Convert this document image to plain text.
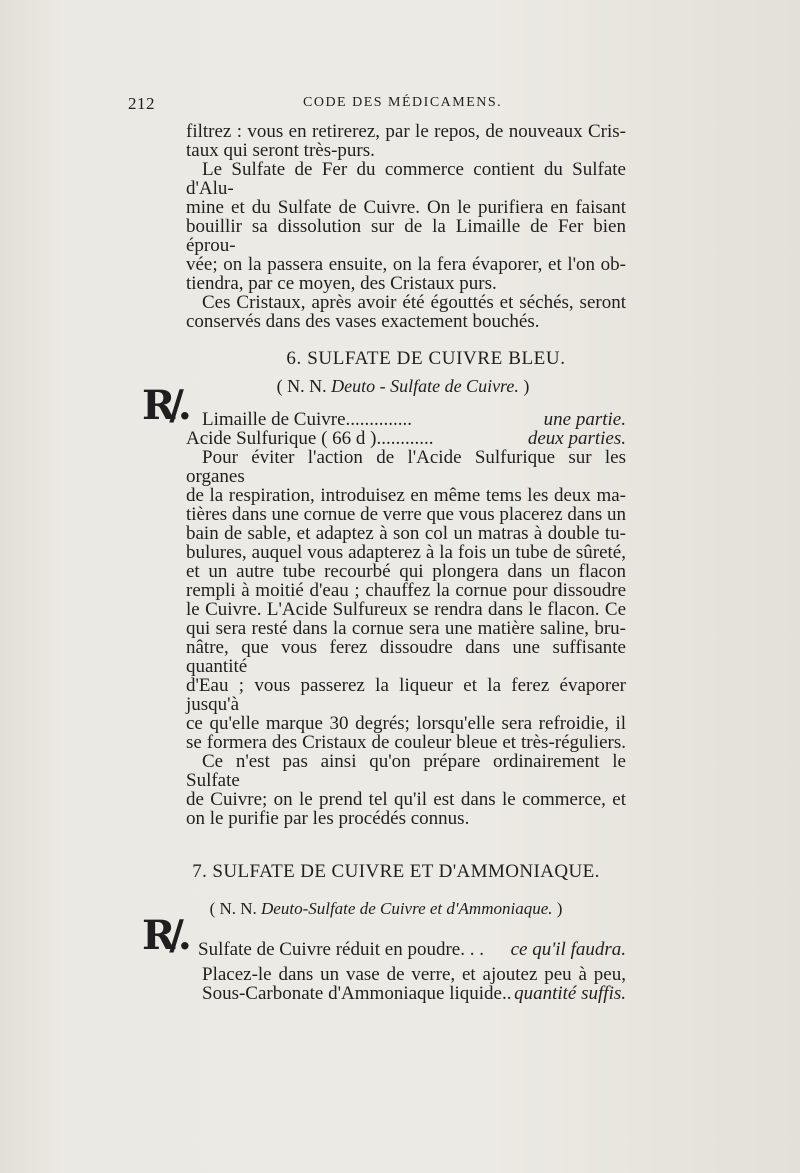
212	CODE DES MÉDICAMENS.
filtrez : vous en retirerez, par le repos, de nouveaux Cris-
taux qui seront très-purs.
Le Sulfate de Fer du commerce contient du Sulfate d'Alu-
mine et du Sulfate de Cuivre. On le purifiera en faisant
bouillir sa dissolution sur de la Limaille de Fer bien éprou-
vée; on la passera ensuite, on la fera évaporer, et l'on ob-
tiendra, par ce moyen, des Cristaux purs.
Ces Cristaux, après avoir été égouttés et séchés, seront
conservés dans des vases exactement bouchés.
6. SULFATE DE CUIVRE BLEU.
( N. N. Deuto - Sulfate de Cuivre. )
R/. Limaille de Cuivre..............	une partie.
Acide Sulfurique ( 66 d )............	deux parties.
Pour éviter l'action de l'Acide Sulfurique sur les organes
de la respiration, introduisez en même tems les deux ma-
tières dans une cornue de verre que vous placerez dans un
bain de sable, et adaptez à son col un matras à double tu-
bulures, auquel vous adapterez à la fois un tube de sûreté,
et un autre tube recourbé qui plongera dans un flacon
rempli à moitié d'eau ; chauffez la cornue pour dissoudre
le Cuivre. L'Acide Sulfureux se rendra dans le flacon. Ce
qui sera resté dans la cornue sera une matière saline, bru-
nâtre, que vous ferez dissoudre dans une suffisante quantité
d'Eau ; vous passerez la liqueur et la ferez évaporer jusqu'à
ce qu'elle marque 30 degrés; lorsqu'elle sera refroidie, il
se formera des Cristaux de couleur bleue et très-réguliers.
Ce n'est pas ainsi qu'on prépare ordinairement le Sulfate
de Cuivre; on le prend tel qu'il est dans le commerce, et
on le purifie par les procédés connus.
7. SULFATE DE CUIVRE ET D'AMMONIAQUE.
( N. N. Deuto-Sulfate de Cuivre et d'Ammoniaque. )
R/. Sulfate de Cuivre réduit en poudre. . . ce qu'il faudra.
Placez-le dans un vase de verre, et ajoutez peu à peu,
Sous-Carbonate d'Ammoniaque liquide.. quantité suffis.
